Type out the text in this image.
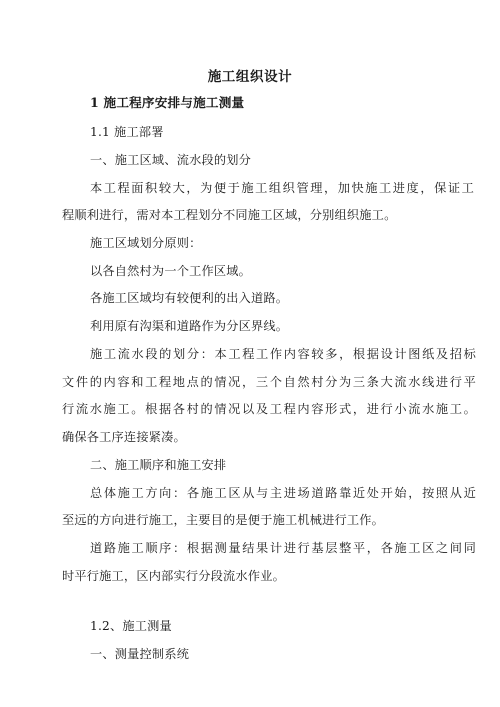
施工组织设计
1 施工程序安排与施工测量
1.1 施工部署
一、施工区域、流水段的划分
本工程面积较大，为便于施工组织管理，加快施工进度，保证工
程顺利进行，需对本工程划分不同施工区域，分别组织施工。
施工区域划分原则：
以各自然村为一个工作区域。
各施工区域均有较便利的出入道路。
利用原有沟渠和道路作为分区界线。
施工流水段的划分：本工程工作内容较多，根据设计图纸及招标
文件的内容和工程地点的情况，三个自然村分为三条大流水线进行平
行流水施工。根据各村的情况以及工程内容形式，进行小流水施工。
确保各工序连接紧凑。
二、施工顺序和施工安排
总体施工方向：各施工区从与主进场道路靠近处开始，按照从近
至远的方向进行施工，主要目的是便于施工机械进行工作。
道路施工顺序：根据测量结果计进行基层整平，各施工区之间同
时平行施工，区内部实行分段流水作业。
1.2、施工测量
一、测量控制系统
